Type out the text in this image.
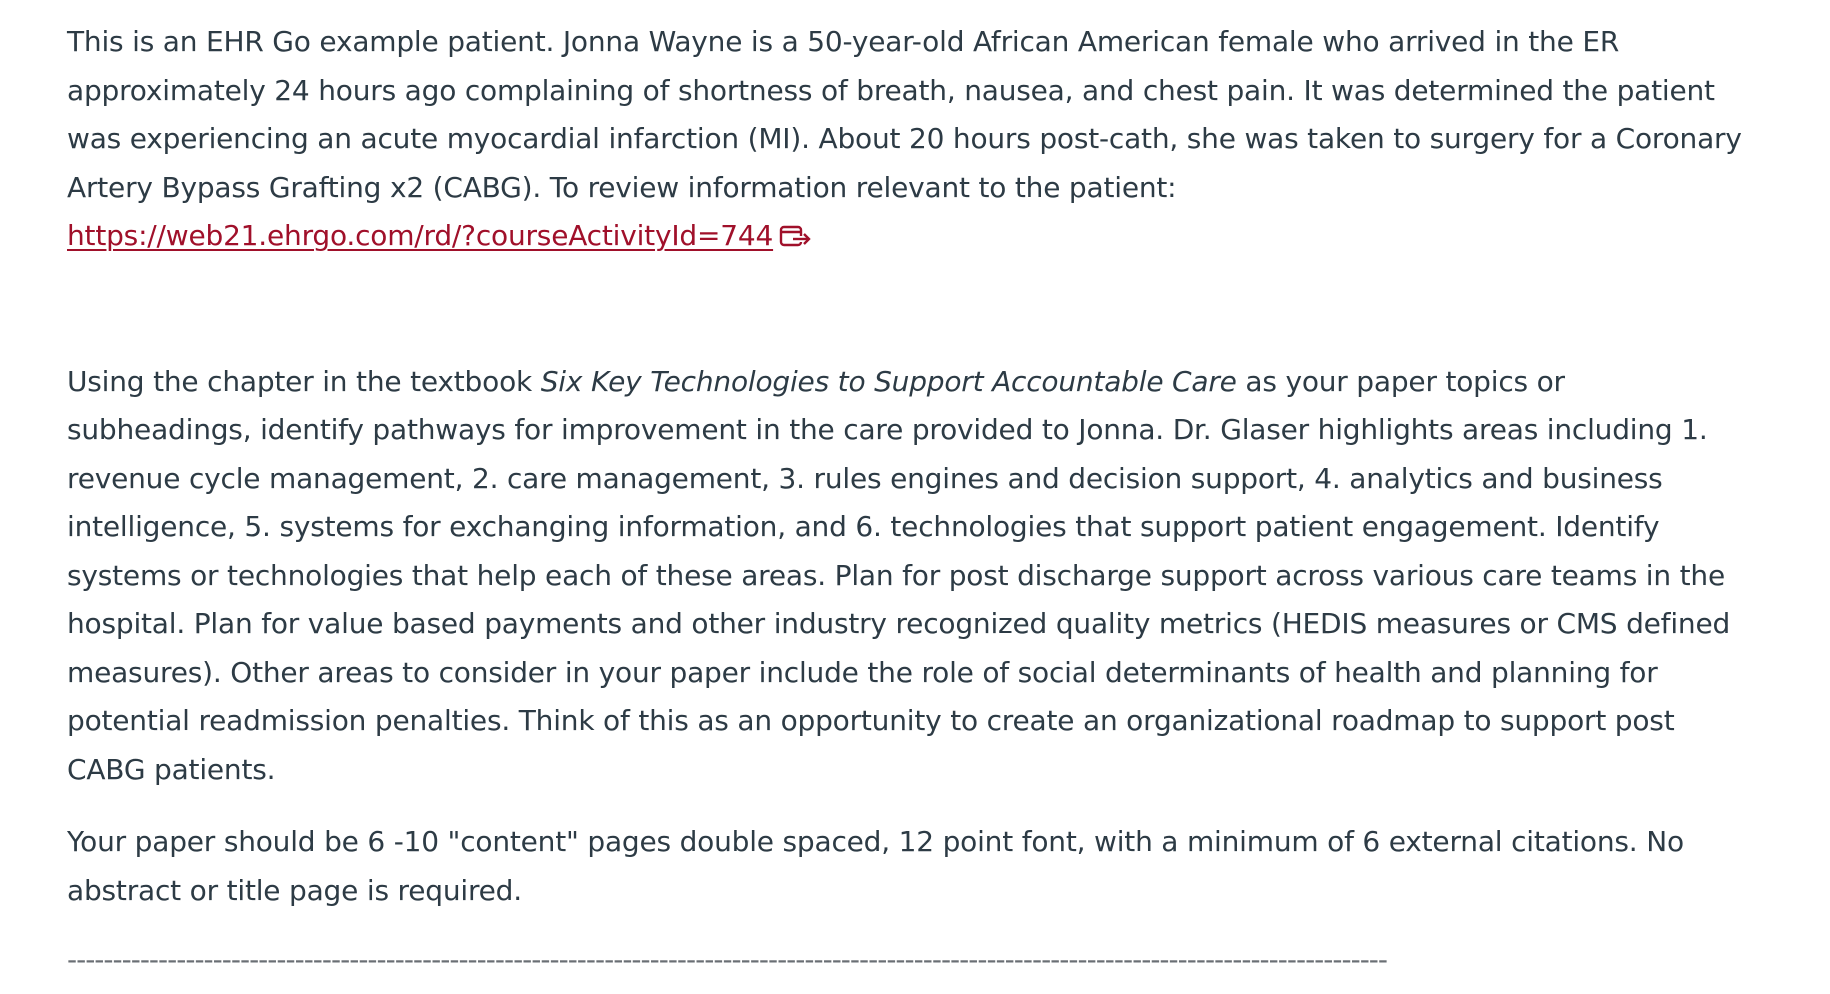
This is an EHR Go example patient. Jonna Wayne is a 50-year-old African American female who arrived in the ER approximately 24 hours ago complaining of shortness of breath, nausea, and chest pain. It was determined the patient was experiencing an acute myocardial infarction (MI). About 20 hours post-cath, she was taken to surgery for a Coronary Artery Bypass Grafting x2 (CABG). To review information relevant to the patient:
https://web21.ehrgo.com/rd/?courseActivityId=744

Using the chapter in the textbook Six Key Technologies to Support Accountable Care as your paper topics or subheadings, identify pathways for improvement in the care provided to Jonna. Dr. Glaser highlights areas including 1. revenue cycle management, 2. care management, 3. rules engines and decision support, 4. analytics and business intelligence, 5. systems for exchanging information, and 6. technologies that support patient engagement. Identify systems or technologies that help each of these areas. Plan for post discharge support across various care teams in the hospital. Plan for value based payments and other industry recognized quality metrics (HEDIS measures or CMS defined measures). Other areas to consider in your paper include the role of social determinants of health and planning for potential readmission penalties. Think of this as an opportunity to create an organizational roadmap to support post CABG patients.

Your paper should be 6 -10 "content" pages double spaced, 12 point font, with a minimum of 6 external citations. No abstract or title page is required.

-------------------------------------------------------------------------------------------------------------------------------------------------
